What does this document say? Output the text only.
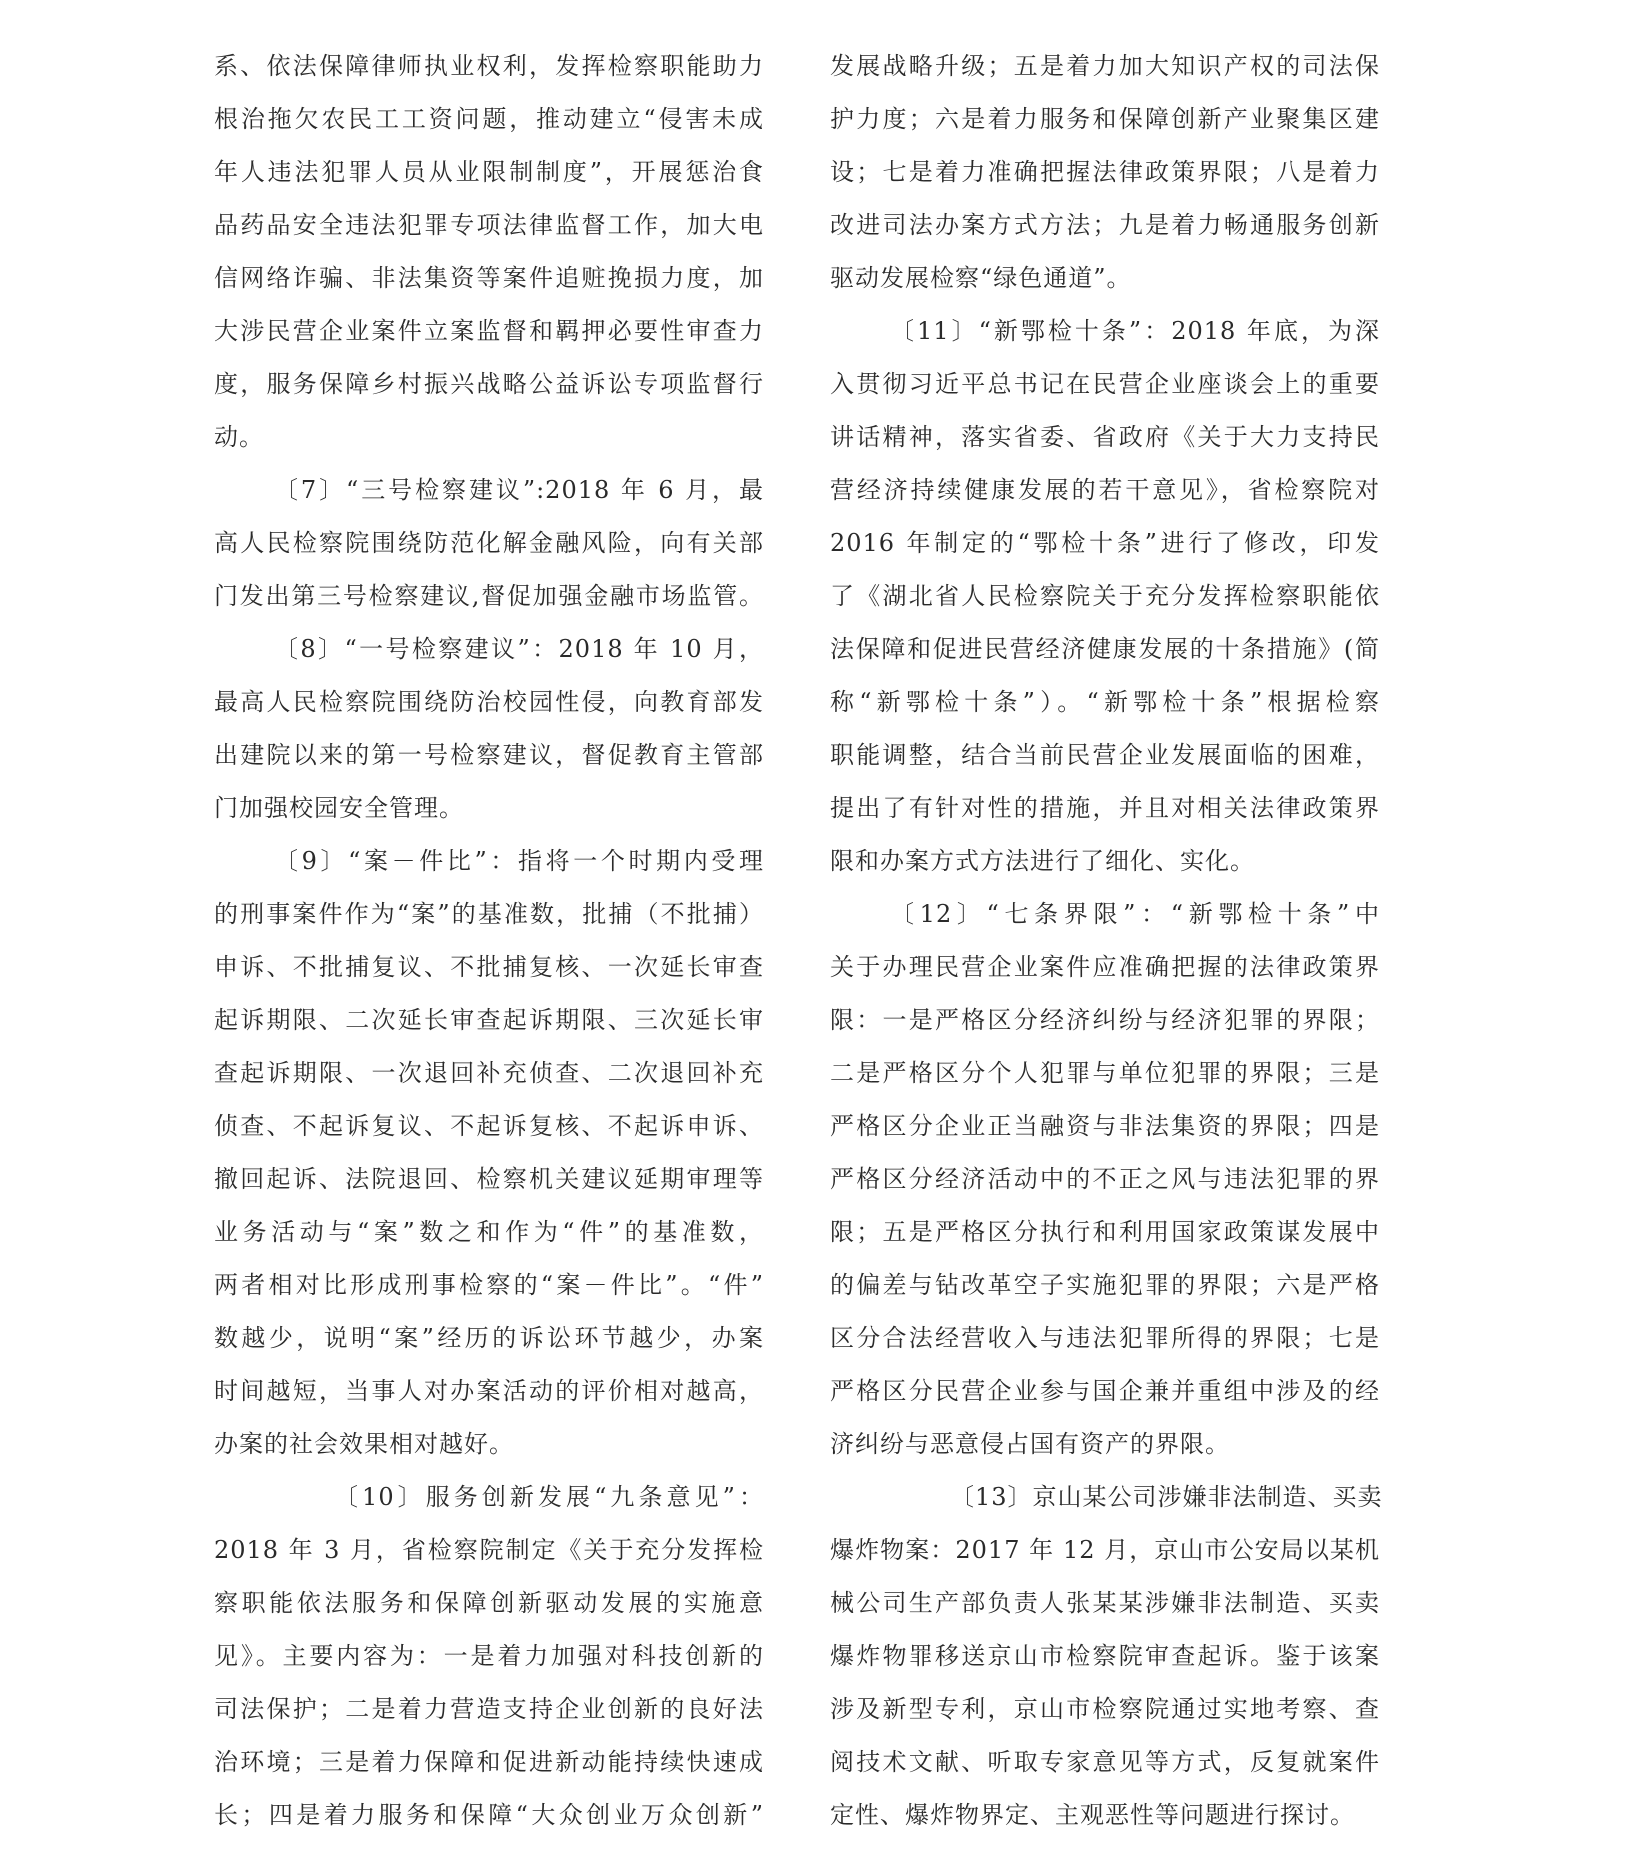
系、依法保障律师执业权利，发挥检察职能助力
根治拖欠农民工工资问题，推动建立“侵害未成
年人违法犯罪人员从业限制制度”，开展惩治食
品药品安全违法犯罪专项法律监督工作，加大电
信网络诈骗、非法集资等案件追赃挽损力度，加
大涉民营企业案件立案监督和羁押必要性审查力
度，服务保障乡村振兴战略公益诉讼专项监督行
动。
〔7〕“三号检察建议”:2018 年 6 月，最
高人民检察院围绕防范化解金融风险，向有关部
门发出第三号检察建议,督促加强金融市场监管。
〔8〕“一号检察建议”：2018 年 10 月，
最高人民检察院围绕防治校园性侵，向教育部发
出建院以来的第一号检察建议，督促教育主管部
门加强校园安全管理。
〔9〕“案－件比”：指将一个时期内受理
的刑事案件作为“案”的基准数，批捕（不批捕）
申诉、不批捕复议、不批捕复核、一次延长审查
起诉期限、二次延长审查起诉期限、三次延长审
查起诉期限、一次退回补充侦查、二次退回补充
侦查、不起诉复议、不起诉复核、不起诉申诉、
撤回起诉、法院退回、检察机关建议延期审理等
业务活动与“案”数之和作为“件”的基准数，
两者相对比形成刑事检察的“案－件比”。“件”
数越少，说明“案”经历的诉讼环节越少，办案
时间越短，当事人对办案活动的评价相对越高，
办案的社会效果相对越好。
〔10〕服务创新发展“九条意见”：
2018 年 3 月，省检察院制定《关于充分发挥检
察职能依法服务和保障创新驱动发展的实施意
见》。主要内容为：一是着力加强对科技创新的
司法保护；二是着力营造支持企业创新的良好法
治环境；三是着力保障和促进新动能持续快速成
长；四是着力服务和保障“大众创业万众创新”
发展战略升级；五是着力加大知识产权的司法保
护力度；六是着力服务和保障创新产业聚集区建
设；七是着力准确把握法律政策界限；八是着力
改进司法办案方式方法；九是着力畅通服务创新
驱动发展检察“绿色通道”。
〔11〕“新鄂检十条”：2018 年底，为深
入贯彻习近平总书记在民营企业座谈会上的重要
讲话精神，落实省委、省政府《关于大力支持民
营经济持续健康发展的若干意见》，省检察院对
2016 年制定的“鄂检十条”进行了修改，印发
了《湖北省人民检察院关于充分发挥检察职能依
法保障和促进民营经济健康发展的十条措施》(简
称“新鄂检十条”）。“新鄂检十条”根据检察
职能调整，结合当前民营企业发展面临的困难，
提出了有针对性的措施，并且对相关法律政策界
限和办案方式方法进行了细化、实化。
〔12〕“七条界限”：“新鄂检十条”中
关于办理民营企业案件应准确把握的法律政策界
限：一是严格区分经济纠纷与经济犯罪的界限；
二是严格区分个人犯罪与单位犯罪的界限；三是
严格区分企业正当融资与非法集资的界限；四是
严格区分经济活动中的不正之风与违法犯罪的界
限；五是严格区分执行和利用国家政策谋发展中
的偏差与钻改革空子实施犯罪的界限；六是严格
区分合法经营收入与违法犯罪所得的界限；七是
严格区分民营企业参与国企兼并重组中涉及的经
济纠纷与恶意侵占国有资产的界限。
〔13〕京山某公司涉嫌非法制造、买卖
爆炸物案：2017 年 12 月，京山市公安局以某机
械公司生产部负责人张某某涉嫌非法制造、买卖
爆炸物罪移送京山市检察院审查起诉。鉴于该案
涉及新型专利，京山市检察院通过实地考察、查
阅技术文献、听取专家意见等方式，反复就案件
定性、爆炸物界定、主观恶性等问题进行探讨。
